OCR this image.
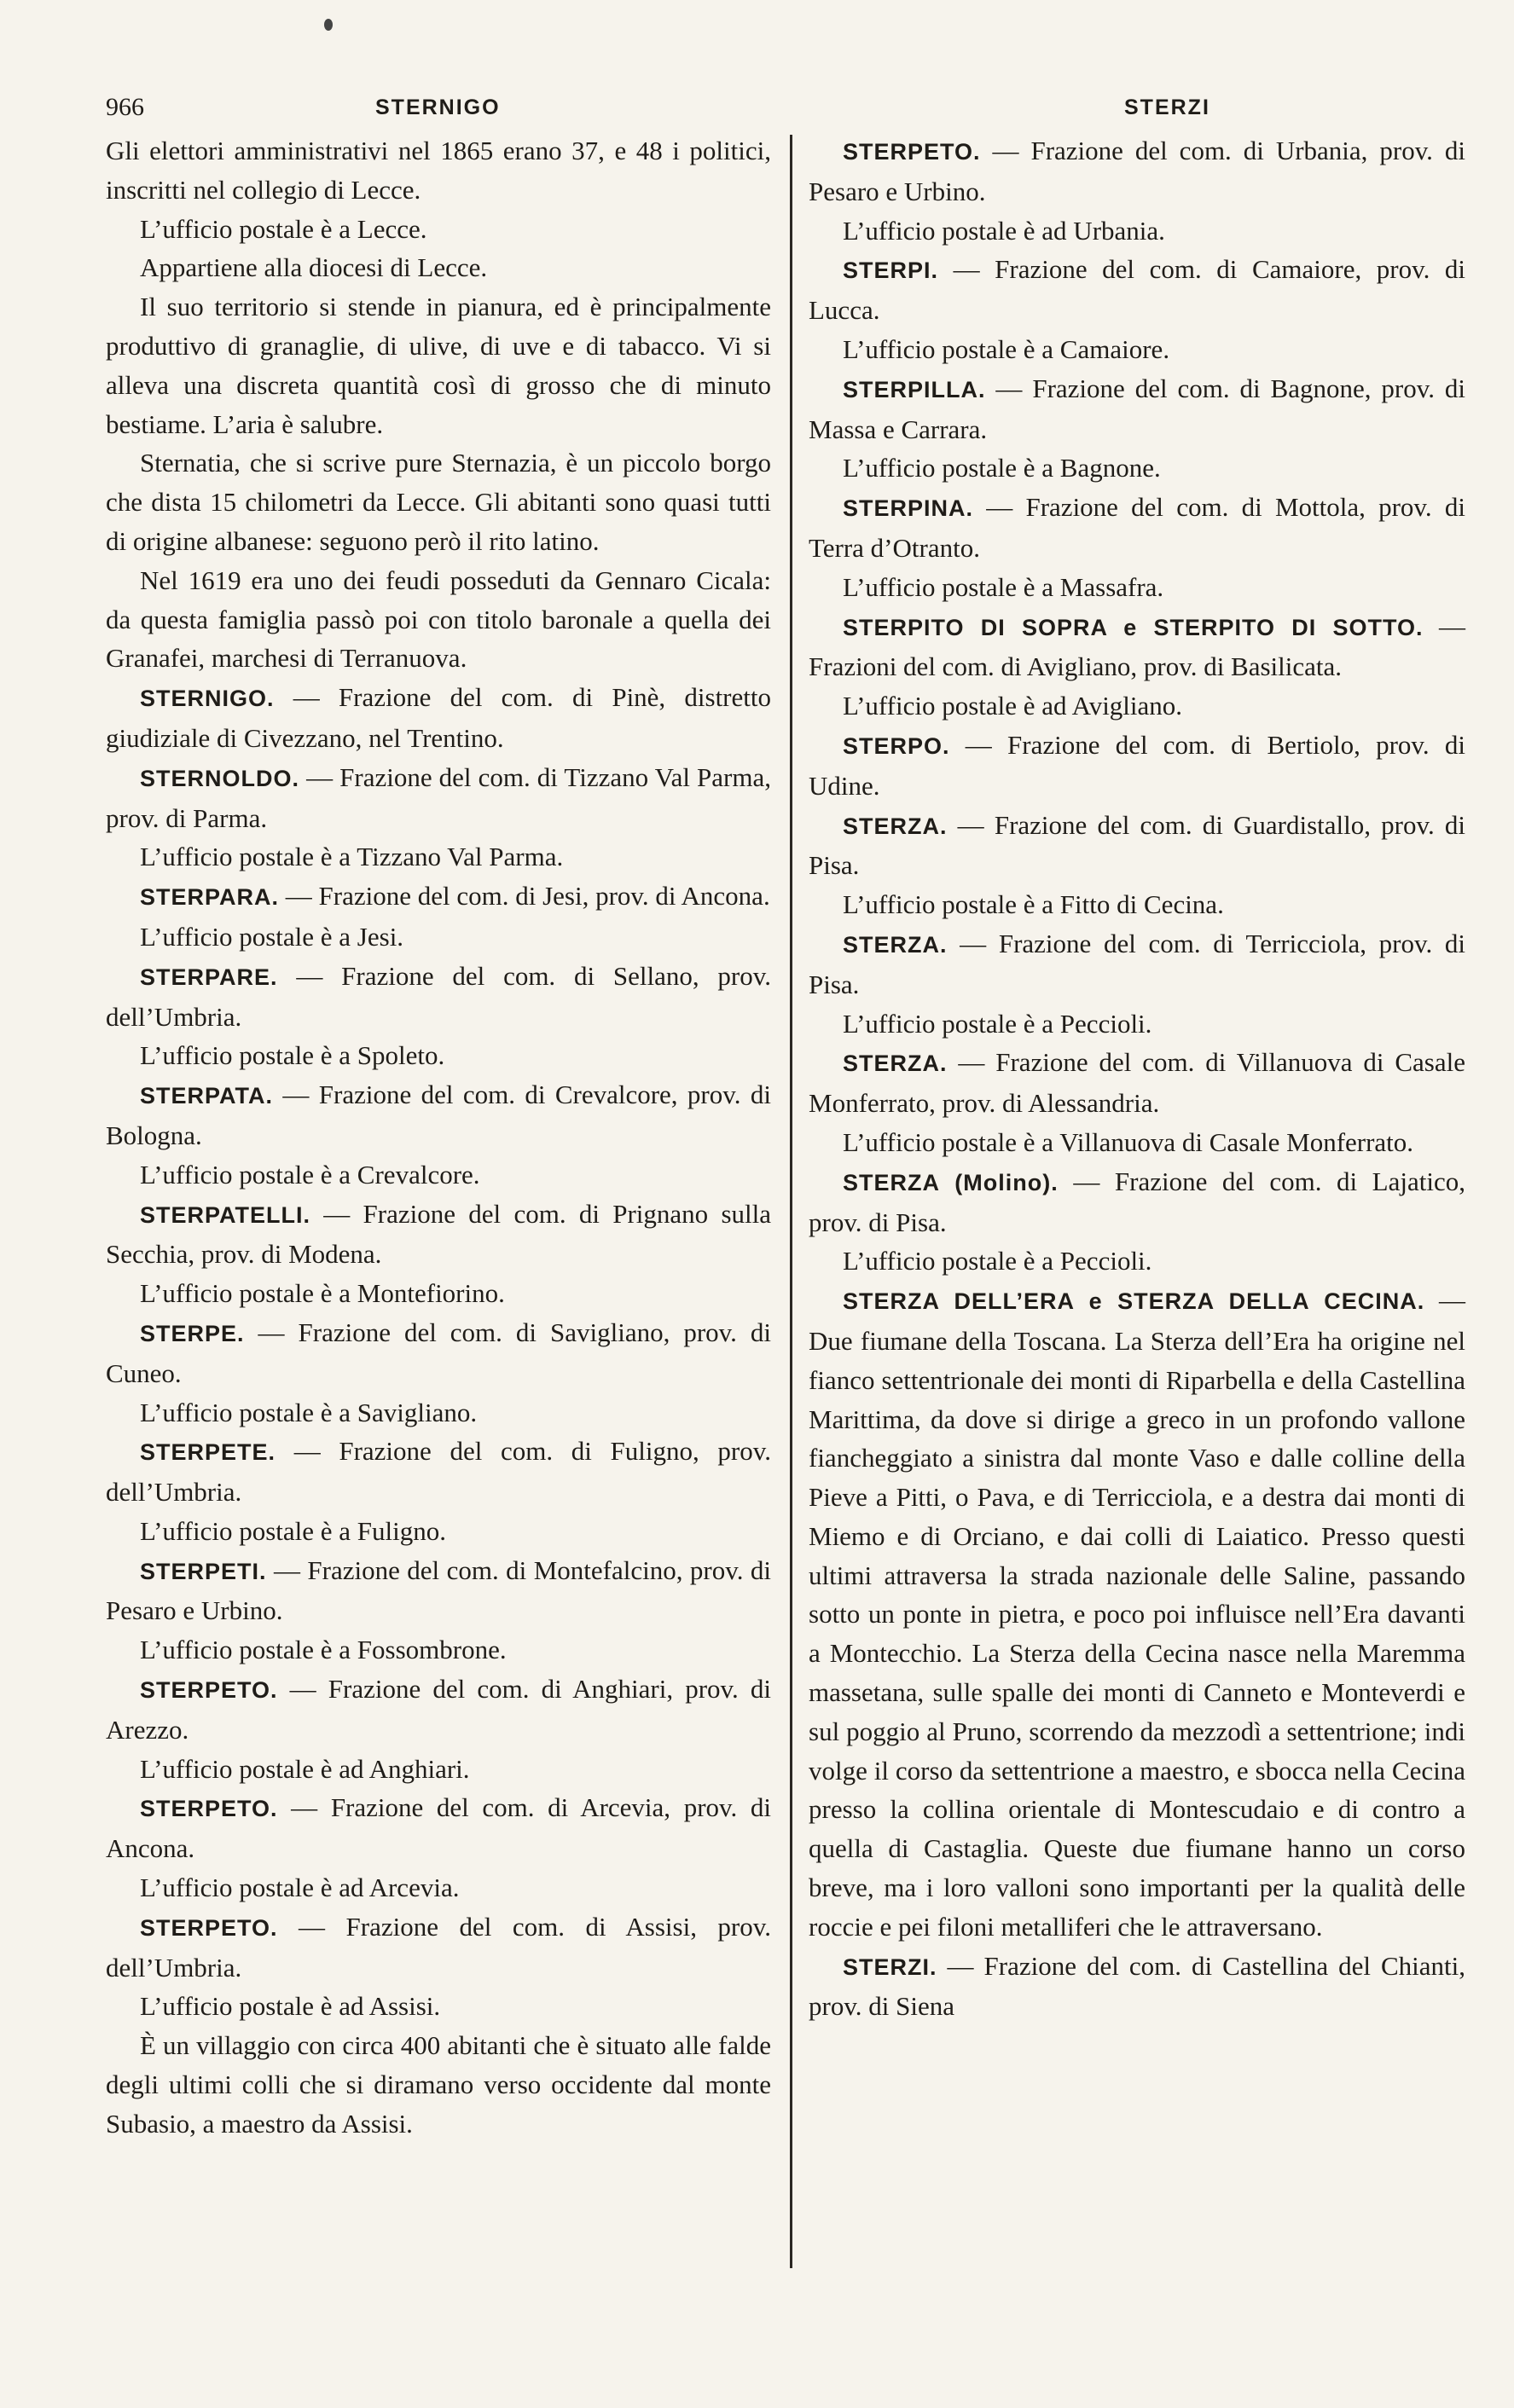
966	STERNIGO	STERZI

Gli elettori amministrativi nel 1865 erano 37, e 48 i politici, inscritti nel collegio di Lecce.

L’ufficio postale è a Lecce.

Appartiene alla diocesi di Lecce.

Il suo territorio si stende in pianura, ed è principalmente produttivo di granaglie, di ulive, di uve e di tabacco. Vi si alleva una discreta quantità così di grosso che di minuto bestiame. L’aria è salubre.

Sternatia, che si scrive pure Sternazia, è un piccolo borgo che dista 15 chilometri da Lecce. Gli abitanti sono quasi tutti di origine albanese: seguono però il rito latino.

Nel 1619 era uno dei feudi posseduti da Gennaro Cicala: da questa famiglia passò poi con titolo baronale a quella dei Granafei, marchesi di Terranuova.

STERNIGO. — Frazione del com. di Pinè, distretto giudiziale di Civezzano, nel Trentino.

STERNOLDO. — Frazione del com. di Tizzano Val Parma, prov. di Parma.

L’ufficio postale è a Tizzano Val Parma.

STERPARA. — Frazione del com. di Jesi, prov. di Ancona.

L’ufficio postale è a Jesi.

STERPARE. — Frazione del com. di Sellano, prov. dell’Umbria.

L’ufficio postale è a Spoleto.

STERPATA. — Frazione del com. di Crevalcore, prov. di Bologna.

L’ufficio postale è a Crevalcore.

STERPATELLI. — Frazione del com. di Prignano sulla Secchia, prov. di Modena.

L’ufficio postale è a Montefiorino.

STERPE. — Frazione del com. di Savigliano, prov. di Cuneo.

L’ufficio postale è a Savigliano.

STERPETE. — Frazione del com. di Fuligno, prov. dell’Umbria.

L’ufficio postale è a Fuligno.

STERPETI. — Frazione del com. di Montefalcino, prov. di Pesaro e Urbino.

L’ufficio postale è a Fossombrone.

STERPETO. — Frazione del com. di Anghiari, prov. di Arezzo.

L’ufficio postale è ad Anghiari.

STERPETO. — Frazione del com. di Arcevia, prov. di Ancona.

L’ufficio postale è ad Arcevia.

STERPETO. — Frazione del com. di Assisi, prov. dell’Umbria.

L’ufficio postale è ad Assisi.

È un villaggio con circa 400 abitanti che è situato alle falde degli ultimi colli che si diramano verso occidente dal monte Subasio, a maestro da Assisi.

STERPETO. — Frazione del com. di Urbania, prov. di Pesaro e Urbino.

L’ufficio postale è ad Urbania.

STERPI. — Frazione del com. di Camaiore, prov. di Lucca.

L’ufficio postale è a Camaiore.

STERPILLA. — Frazione del com. di Bagnone, prov. di Massa e Carrara.

L’ufficio postale è a Bagnone.

STERPINA. — Frazione del com. di Mottola, prov. di Terra d’Otranto.

L’ufficio postale è a Massafra.

STERPITO DI SOPRA e STERPITO DI SOTTO. — Frazioni del com. di Avigliano, prov. di Basilicata.

L’ufficio postale è ad Avigliano.

STERPO. — Frazione del com. di Bertiolo, prov. di Udine.

STERZA. — Frazione del com. di Guardistallo, prov. di Pisa.

L’ufficio postale è a Fitto di Cecina.

STERZA. — Frazione del com. di Terricciola, prov. di Pisa.

L’ufficio postale è a Peccioli.

STERZA. — Frazione del com. di Villanuova di Casale Monferrato, prov. di Alessandria.

L’ufficio postale è a Villanuova di Casale Monferrato.

STERZA (Molino). — Frazione del com. di Lajatico, prov. di Pisa.

L’ufficio postale è a Peccioli.

STERZA DELL’ERA e STERZA DELLA CECINA. — Due fiumane della Toscana. La Sterza dell’Era ha origine nel fianco settentrionale dei monti di Riparbella e della Castellina Marittima, da dove si dirige a greco in un profondo vallone fiancheggiato a sinistra dal monte Vaso e dalle colline della Pieve a Pitti, o Pava, e di Terricciola, e a destra dai monti di Miemo e di Orciano, e dai colli di Laiatico. Presso questi ultimi attraversa la strada nazionale delle Saline, passando sotto un ponte in pietra, e poco poi influisce nell’Era davanti a Montecchio. La Sterza della Cecina nasce nella Maremma massetana, sulle spalle dei monti di Canneto e Monteverdi e sul poggio al Pruno, scorrendo da mezzodì a settentrione; indi volge il corso da settentrione a maestro, e sbocca nella Cecina presso la collina orientale di Montescudaio e di contro a quella di Castaglia. Queste due fiumane hanno un corso breve, ma i loro valloni sono importanti per la qualità delle roccie e pei filoni metalliferi che le attraversano.

STERZI. — Frazione del com. di Castellina del Chianti, prov. di Siena
